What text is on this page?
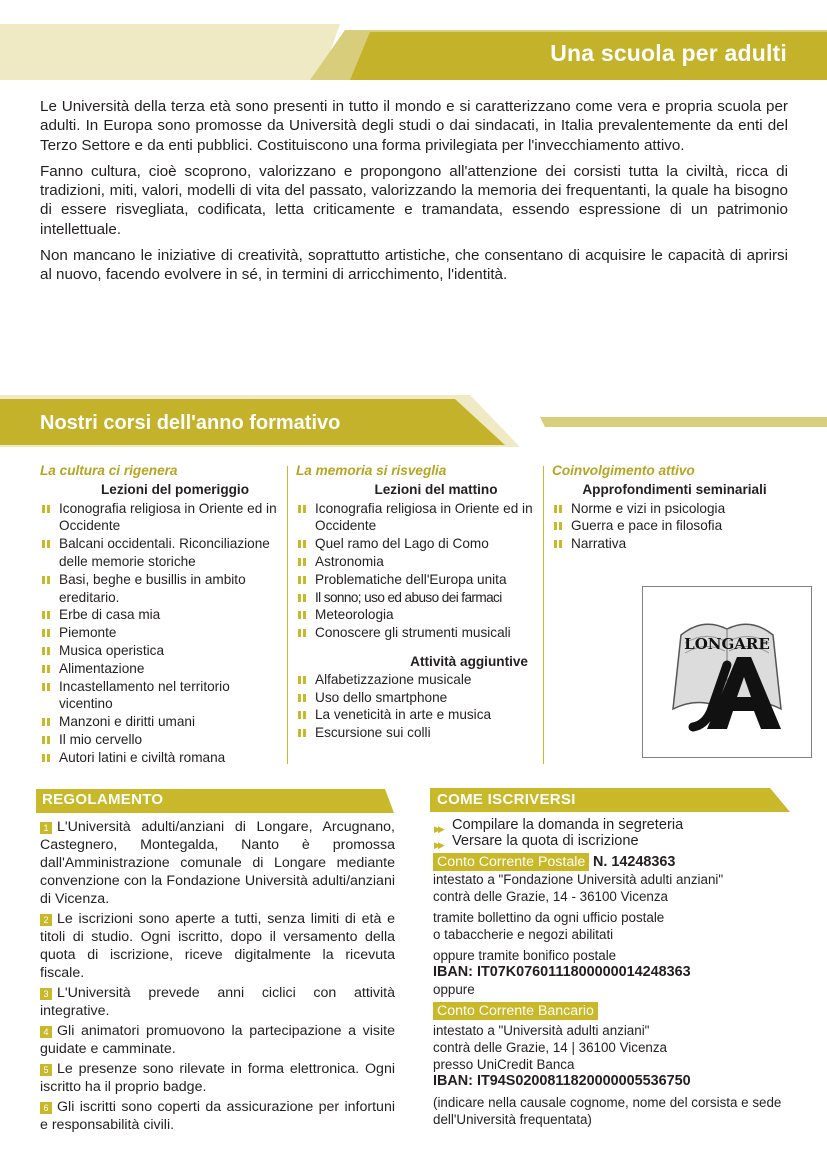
Una scuola per adulti

Le Università della terza età sono presenti in tutto il mondo e si caratterizzano come vera e propria scuola per adulti. In Europa sono promosse da Università degli studi o dai sindacati, in Italia prevalentemente da enti del Terzo Settore e da enti pubblici. Costituiscono una forma privilegiata per l'invecchiamento attivo.

Fanno cultura, cioè scoprono, valorizzano e propongono all'attenzione dei corsisti tutta la civiltà, ricca di tradizioni, miti, valori, modelli di vita del passato, valorizzando la memoria dei frequentanti, la quale ha bisogno di essere risvegliata, codificata, letta criticamente e tramandata, essendo espressione di un patrimonio intellettuale.

Non mancano le iniziative di creatività, soprattutto artistiche, che consentano di acquisire le capacità di aprirsi al nuovo, facendo evolvere in sé, in termini di arricchimento, l'identità.

Nostri corsi dell'anno formativo
La cultura ci rigenera
Lezioni del pomeriggio
Iconografia religiosa in Oriente ed in Occidente
Balcani occidentali. Riconciliazione delle memorie storiche
Basi, beghe e busillis in ambito ereditario.
Erbe di casa mia
Piemonte
Musica operistica
Alimentazione
Incastellamento nel territorio vicentino
Manzoni e diritti umani
Il mio cervello
Autori latini e civiltà romana
La memoria si risveglia
Lezioni del mattino
Iconografia religiosa in Oriente ed in Occidente
Quel ramo del Lago di Como
Astronomia
Problematiche dell'Europa unita
Il sonno; uso ed abuso dei farmaci
Meteorologia
Conoscere gli strumenti musicali
Attività aggiuntive
Alfabetizzazione musicale
Uso dello smartphone
La veneticità in arte e musica
Escursione sui colli
Coinvolgimento attivo
Approfondimenti seminariali
Norme e vizi in psicologia
Guerra e pace in filosofia
Narrativa
LONGARE
REGOLAMENTO
1 L'Università adulti/anziani di Longare, Arcugnano, Castegnero, Montegalda, Nanto è promossa dall'Amministrazione comunale di Longare mediante convenzione con la Fondazione Università adulti/anziani di Vicenza.
2 Le iscrizioni sono aperte a tutti, senza limiti di età e titoli di studio. Ogni iscritto, dopo il versamento della quota di iscrizione, riceve digitalmente la ricevuta fiscale.
3 L'Università prevede anni ciclici con attività integrative.
4 Gli animatori promuovono la partecipazione a visite guidate e camminate.
5 Le presenze sono rilevate in forma elettronica. Ogni iscritto ha il proprio badge.
6 Gli iscritti sono coperti da assicurazione per infortuni e responsabilità civili.
COME ISCRIVERSI
▶▶ Compilare la domanda in segreteria
▶▶ Versare la quota di iscrizione
Conto Corrente Postale N. 14248363
intestato a "Fondazione Università adulti anziani"
contrà delle Grazie, 14 - 36100 Vicenza
tramite bollettino da ogni ufficio postale
o tabaccherie e negozi abilitati
oppure tramite bonifico postale
IBAN: IT07K0760111800000014248363
oppure
Conto Corrente Bancario
intestato a "Università adulti anziani"
contrà delle Grazie, 14 | 36100 Vicenza
presso UniCredit Banca
IBAN: IT94S0200811820000005536750
(indicare nella causale cognome, nome del corsista e sede dell'Università frequentata)
